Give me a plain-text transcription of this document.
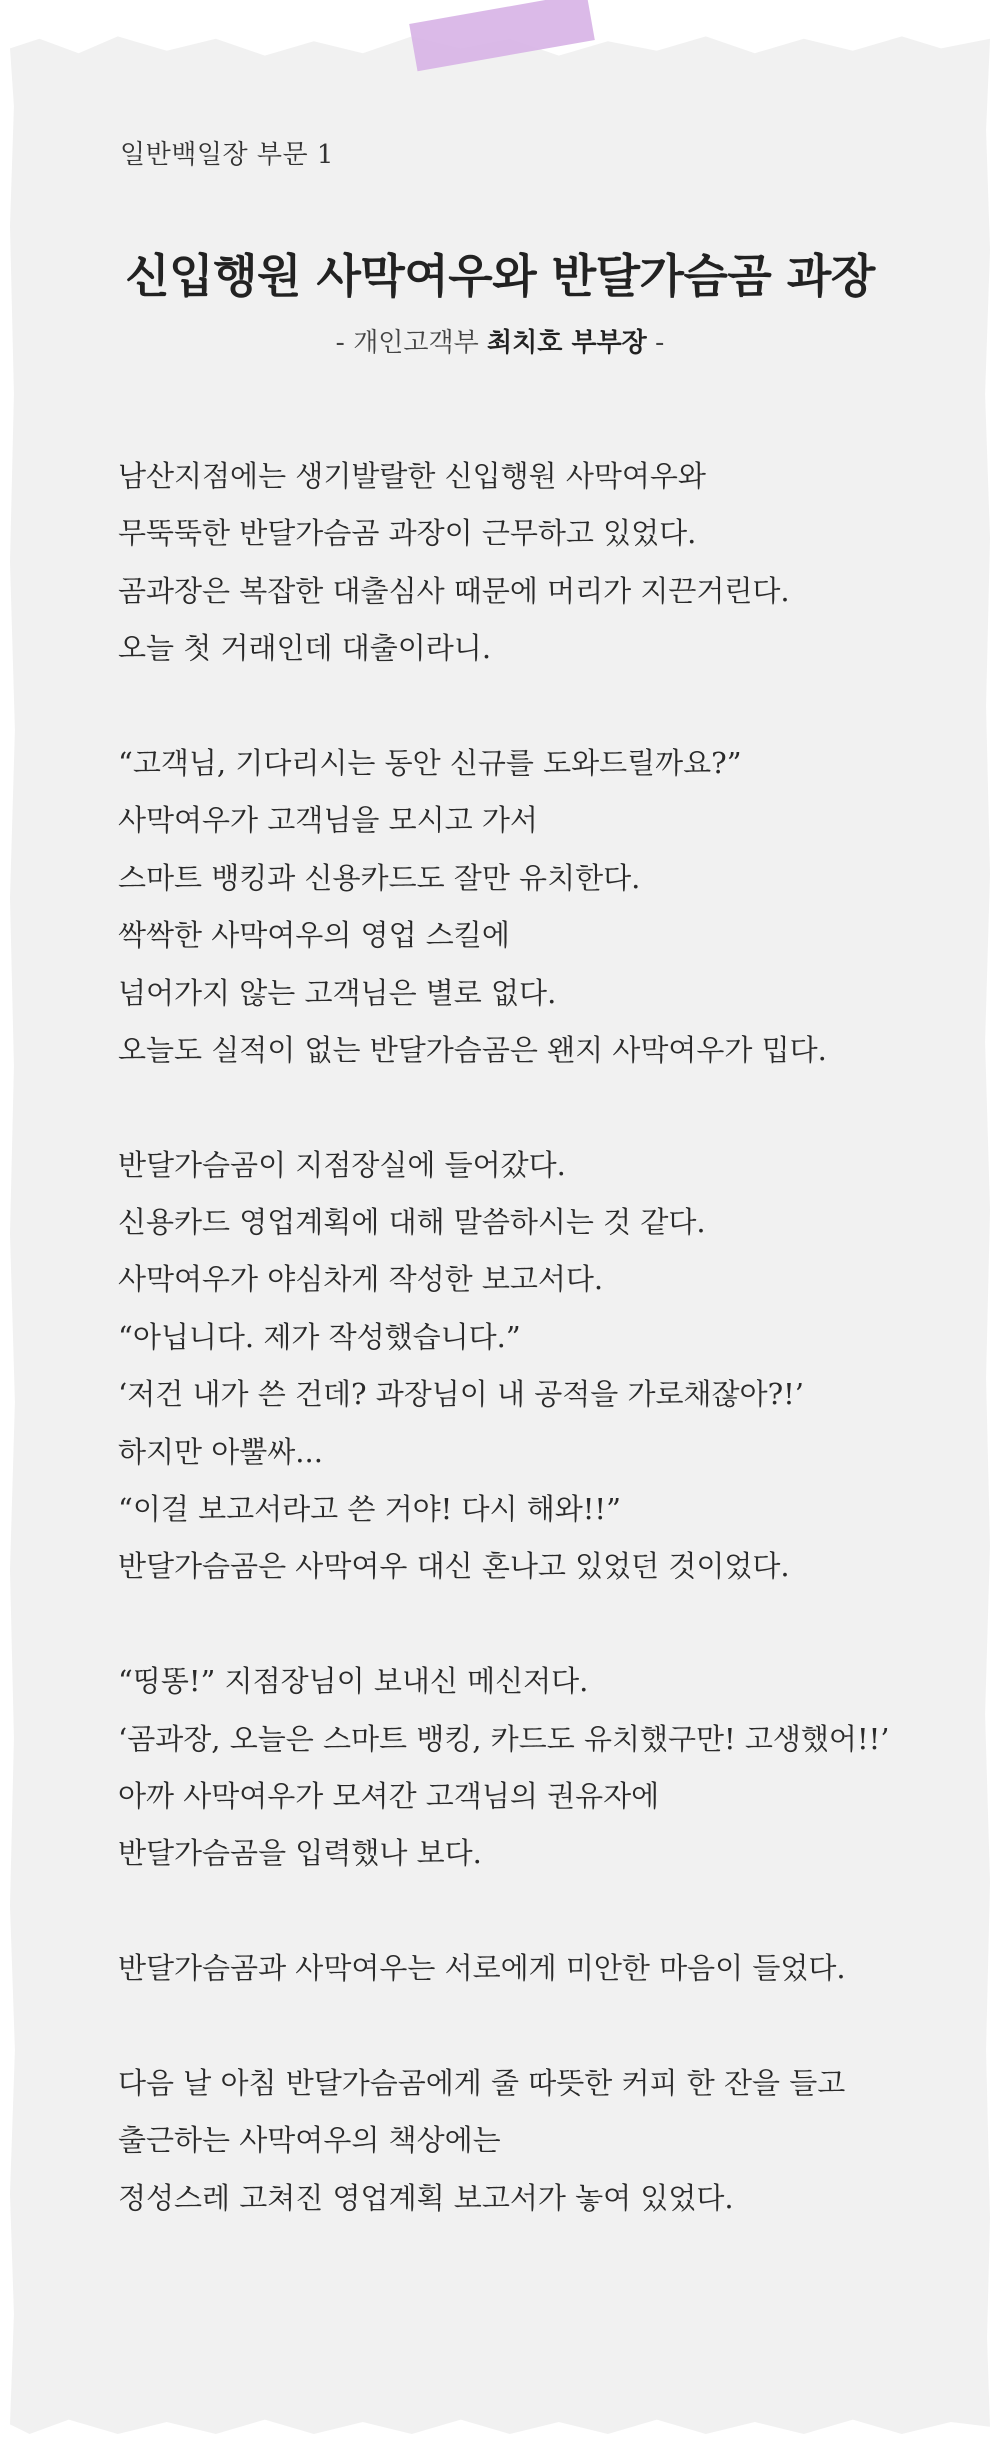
일반백일장 부문 1
신입행원 사막여우와 반달가슴곰 과장
- 개인고객부 최치호 부부장 -
남산지점에는 생기발랄한 신입행원 사막여우와
무뚝뚝한 반달가슴곰 과장이 근무하고 있었다.
곰과장은 복잡한 대출심사 때문에 머리가 지끈거린다.
오늘 첫 거래인데 대출이라니.
“고객님, 기다리시는 동안 신규를 도와드릴까요?”
사막여우가 고객님을 모시고 가서
스마트 뱅킹과 신용카드도 잘만 유치한다.
싹싹한 사막여우의 영업 스킬에
넘어가지 않는 고객님은 별로 없다.
오늘도 실적이 없는 반달가슴곰은 왠지 사막여우가 밉다.
반달가슴곰이 지점장실에 들어갔다.
신용카드 영업계획에 대해 말씀하시는 것 같다.
사막여우가 야심차게 작성한 보고서다.
“아닙니다. 제가 작성했습니다.”
‘저건 내가 쓴 건데? 과장님이 내 공적을 가로채잖아?!’
하지만 아뿔싸...
“이걸 보고서라고 쓴 거야! 다시 해와!!”
반달가슴곰은 사막여우 대신 혼나고 있었던 것이었다.
“띵똥!” 지점장님이 보내신 메신저다.
‘곰과장, 오늘은 스마트 뱅킹, 카드도 유치했구만! 고생했어!!’
아까 사막여우가 모셔간 고객님의 권유자에
반달가슴곰을 입력했나 보다.
반달가슴곰과 사막여우는 서로에게 미안한 마음이 들었다.
다음 날 아침 반달가슴곰에게 줄 따뜻한 커피 한 잔을 들고
출근하는 사막여우의 책상에는
정성스레 고쳐진 영업계획 보고서가 놓여 있었다.
